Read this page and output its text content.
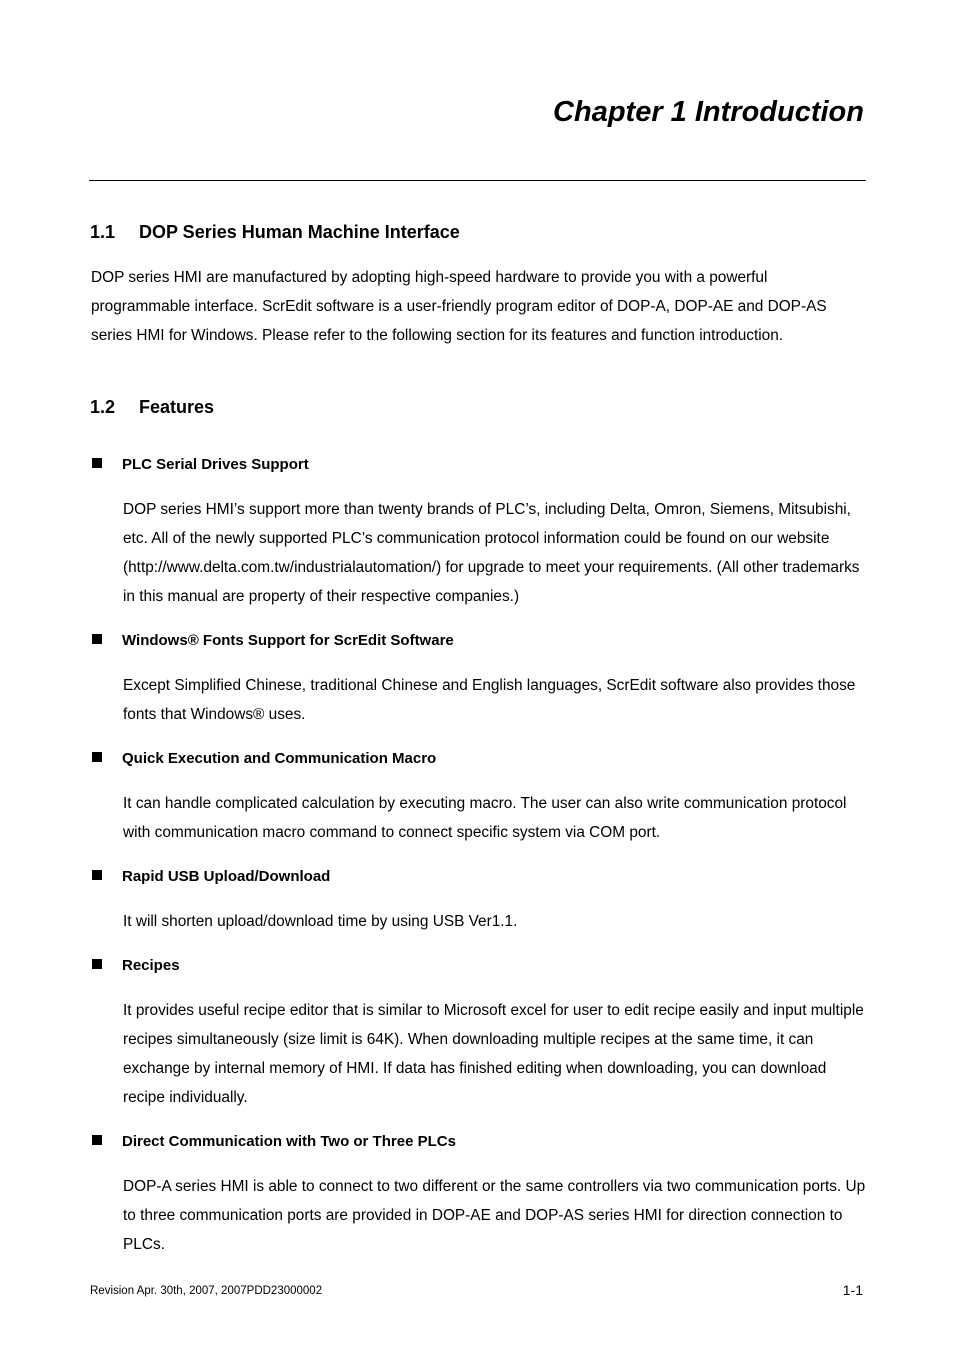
Chapter 1 Introduction
1.1 DOP Series Human Machine Interface

DOP series HMI are manufactured by adopting high-speed hardware to provide you with a powerful programmable interface. ScrEdit software is a user-friendly program editor of DOP-A, DOP-AE and DOP-AS series HMI for Windows. Please refer to the following section for its features and function introduction.

1.2 Features
PLC Serial Drives Support

DOP series HMI’s support more than twenty brands of PLC’s, including Delta, Omron, Siemens, Mitsubishi, etc. All of the newly supported PLC’s communication protocol information could be found on our website (http://www.delta.com.tw/industrialautomation/) for upgrade to meet your requirements. (All other trademarks in this manual are property of their respective companies.)

Windows® Fonts Support for ScrEdit Software

Except Simplified Chinese, traditional Chinese and English languages, ScrEdit software also provides those fonts that Windows® uses.

Quick Execution and Communication Macro

It can handle complicated calculation by executing macro. The user can also write communication protocol with communication macro command to connect specific system via COM port.

Rapid USB Upload/Download

It will shorten upload/download time by using USB Ver1.1.

Recipes

It provides useful recipe editor that is similar to Microsoft excel for user to edit recipe easily and input multiple recipes simultaneously (size limit is 64K). When downloading multiple recipes at the same time, it can exchange by internal memory of HMI. If data has finished editing when downloading, you can download recipe individually.

Direct Communication with Two or Three PLCs

DOP-A series HMI is able to connect to two different or the same controllers via two communication ports. Up to three communication ports are provided in DOP-AE and DOP-AS series HMI for direction connection to PLCs.

Revision Apr. 30th, 2007, 2007PDD23000002	1-1
